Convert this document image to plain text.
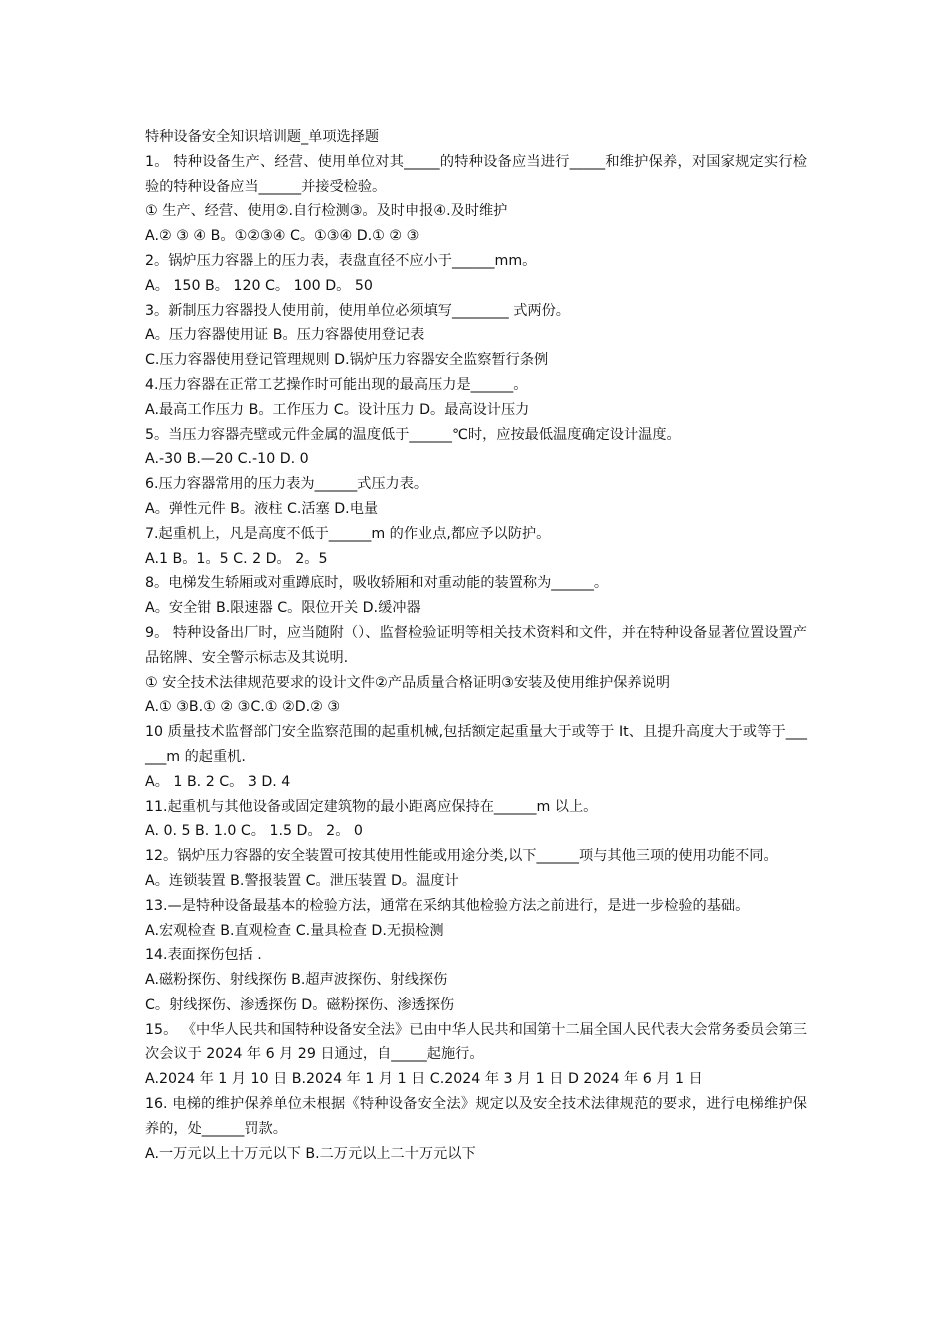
特种设备安全知识培训题_单项选择题
1。 特种设备生产、经营、使用单位对其_____的特种设备应当进行_____和维护保养，对国家规定实行检验的特种设备应当______并接受检验。
① 生产、经营、使用②.自行检测③。及时申报④.及时维护
A.② ③ ④ B。①②③④ C。①③④ D.① ② ③
2。锅炉压力容器上的压力表，表盘直径不应小于______mm。
A。 150 B。 120 C。 100 D。 50
3。新制压力容器投人使用前，使用单位必须填写________ 式两份。
A。压力容器使用证 B。压力容器使用登记表
C.压力容器使用登记管理规则 D.锅炉压力容器安全监察暂行条例
4.压力容器在正常工艺操作时可能出现的最高压力是______。
A.最高工作压力 B。工作压力 C。设计压力 D。最高设计压力
5。当压力容器壳壁或元件金属的温度低于______℃时，应按最低温度确定设计温度。
A.-30 B.—20 C.-10 D. 0
6.压力容器常用的压力表为______式压力表。
A。弹性元件 B。液柱 C.活塞 D.电量
7.起重机上，凡是高度不低于______m 的作业点,都应予以防护。
A.1 B。1。5 C. 2 D。 2。5
8。电梯发生轿厢或对重蹲底时，吸收轿厢和对重动能的装置称为______。
A。安全钳 B.限速器 C。限位开关 D.缓冲器
9。 特种设备出厂时，应当随附（）、监督检验证明等相关技术资料和文件，并在特种设备显著位置设置产品铭牌、安全警示标志及其说明.
① 安全技术法律规范要求的设计文件②产品质量合格证明③安装及使用维护保养说明
A.① ③B.① ② ③C.① ②D.② ③
10 质量技术监督部门安全监察范围的起重机械,包括额定起重量大于或等于 It、且提升高度大于或等于______m 的起重机.
A。 1 B. 2 C。 3 D. 4
11.起重机与其他设备或固定建筑物的最小距离应保持在______m 以上。
A. 0. 5 B. 1.0 C。 1.5 D。 2。 0
12。锅炉压力容器的安全装置可按其使用性能或用途分类,以下______项与其他三项的使用功能不同。
A。连锁装置 B.警报装置 C。泄压装置 D。温度计
13.—是特种设备最基本的检验方法，通常在采纳其他检验方法之前进行，是进一步检验的基础。
A.宏观检查 B.直观检查 C.量具检查 D.无损检测
14.表面探伤包括 .
A.磁粉探伤、射线探伤 B.超声波探伤、射线探伤
C。射线探伤、渗透探伤 D。磁粉探伤、渗透探伤
15。 《中华人民共和国特种设备安全法》已由中华人民共和国第十二届全国人民代表大会常务委员会第三次会议于 2024 年 6 月 29 日通过，自_____起施行。
A.2024 年 1 月 10 日 B.2024 年 1 月 1 日 C.2024 年 3 月 1 日 D 2024 年 6 月 1 日
16. 电梯的维护保养单位未根据《特种设备安全法》规定以及安全技术法律规范的要求，进行电梯维护保养的，处______罚款。
A.一万元以上十万元以下 B.二万元以上二十万元以下
